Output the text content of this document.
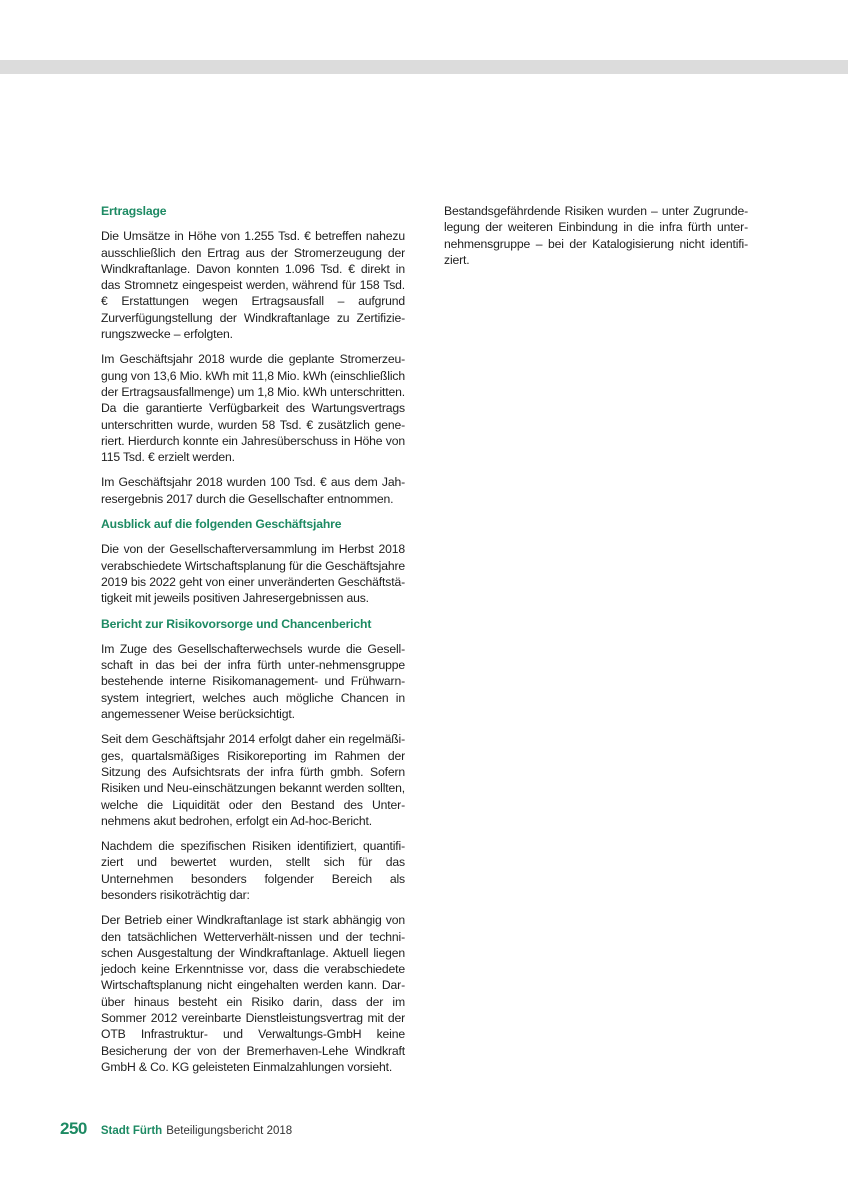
Ertragslage

Die Umsätze in Höhe von 1.255 Tsd. € betreffen nahezu ausschließlich den Ertrag aus der Stromerzeugung der Windkraftanlage. Davon konnten 1.096 Tsd. € direkt in das Stromnetz eingespeist werden, während für 158 Tsd. € Erstattungen wegen Ertragsausfall – aufgrund Zurverfügungstellung der Windkraftanlage zu Zertifizie-rungszwecke – erfolgten.

Im Geschäftsjahr 2018 wurde die geplante Stromerzeu-gung von 13,6 Mio. kWh mit 11,8 Mio. kWh (einschließlich der Ertragsausfallmenge) um 1,8 Mio. kWh unterschritten. Da die garantierte Verfügbarkeit des Wartungsvertrags unterschritten wurde, wurden 58 Tsd. € zusätzlich gene-riert. Hierdurch konnte ein Jahresüberschuss in Höhe von 115 Tsd. € erzielt werden.

Im Geschäftsjahr 2018 wurden 100 Tsd. € aus dem Jah-resergebnis 2017 durch die Gesellschafter entnommen.

Ausblick auf die folgenden Geschäftsjahre

Die von der Gesellschafterversammlung im Herbst 2018 verabschiedete Wirtschaftsplanung für die Geschäftsjahre 2019 bis 2022 geht von einer unveränderten Geschäftstä-tigkeit mit jeweils positiven Jahresergebnissen aus.

Bericht zur Risikovorsorge und Chancenbericht

Im Zuge des Gesellschafterwechsels wurde die Gesell-schaft in das bei der infra fürth unter-nehmensgruppe bestehende interne Risikomanagement- und Frühwarn-system integriert, welches auch mögliche Chancen in angemessener Weise berücksichtigt.

Seit dem Geschäftsjahr 2014 erfolgt daher ein regelmäßi-ges, quartalsmäßiges Risikoreporting im Rahmen der Sitzung des Aufsichtsrats der infra fürth gmbh. Sofern Risiken und Neu-einschätzungen bekannt werden sollten, welche die Liquidität oder den Bestand des Unter-nehmens akut bedrohen, erfolgt ein Ad-hoc-Bericht.

Nachdem die spezifischen Risiken identifiziert, quantifi-ziert und bewertet wurden, stellt sich für das Unternehmen besonders folgender Bereich als besonders risikoträchtig dar:

Der Betrieb einer Windkraftanlage ist stark abhängig von den tatsächlichen Wetterverhält-nissen und der techni-schen Ausgestaltung der Windkraftanlage. Aktuell liegen jedoch keine Erkenntnisse vor, dass die verabschiedete Wirtschaftsplanung nicht eingehalten werden kann. Dar-über hinaus besteht ein Risiko darin, dass der im Sommer 2012 vereinbarte Dienstleistungsvertrag mit der OTB Infrastruktur- und Verwaltungs-GmbH keine Besicherung der von der Bremerhaven-Lehe Windkraft GmbH & Co. KG geleisteten Einmalzahlungen vorsieht.

Bestandsgefährdende Risiken wurden – unter Zugrunde-legung der weiteren Einbindung in die infra fürth unter-nehmensgruppe – bei der Katalogisierung nicht identifi-ziert.

250 Stadt Fürth Beteiligungsbericht 2018
